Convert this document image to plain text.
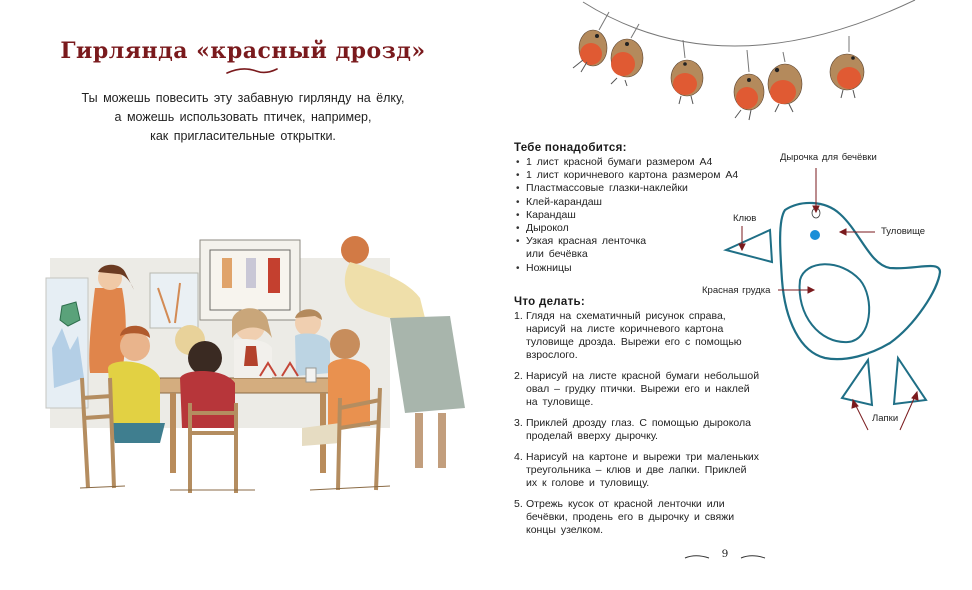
Гирлянда «красный дрозд»

Ты можешь повесить эту забавную гирлянду на ёлку,
а можешь использовать птичек, например,
как пригласительные открытки.

Тебе понадобится:
• 1 лист красной бумаги размером А4
• 1 лист коричневого картона размером А4
• Пластмассовые глазки-наклейки
• Клей-карандаш
• Карандаш
• Дырокол
• Узкая красная ленточка
или бечёвка
• Ножницы
Что делать:
1. Глядя на схематичный рисунок справа,
нарисуй на листе коричневого картона
туловище дрозда. Вырежи его с помощью
взрослого.
2. Нарисуй на листе красной бумаги небольшой
овал – грудку птички. Вырежи его и наклей
на туловище.
3. Приклей дрозду глаз. С помощью дырокола
проделай вверху дырочку.
4. Нарисуй на картоне и вырежи три маленьких
треугольника – клюв и две лапки. Приклей
их к голове и туловищу.
5. Отрежь кусок от красной ленточки или
бечёвки, продень его в дырочку и свяжи
концы узелком.
Дырочка для бечёвки
Клюв
Туловище
Красная грудка
Лапки
9
